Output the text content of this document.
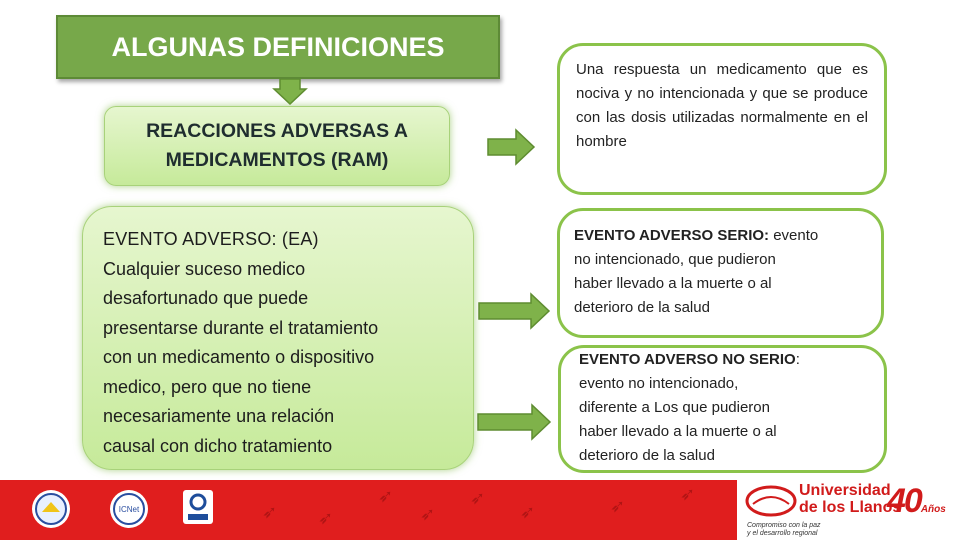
ALGUNAS DEFINICIONES
REACCIONES ADVERSAS A
MEDICAMENTOS (RAM)
Una respuesta un medicamento que es nociva y no intencionada y que se produce con las dosis utilizadas normalmente en el hombre
EVENTO ADVERSO: (EA)
Cualquier suceso medico
desafortunado que puede
presentarse durante el tratamiento
con un medicamento o dispositivo
medico, pero que no tiene
necesariamente una relación
causal con dicho tratamiento
EVENTO ADVERSO SERIO: evento
no intencionado, que pudieron
haber llevado a la muerte o al
deterioro de la salud
EVENTO ADVERSO NO SERIO:
evento no intencionado,
diferente a Los que pudieron
haber llevado a la muerte o al
deterioro de la salud
ICNet	➶ ➶
➶
➶
➶
➶	➶
➶	Universidad
de los Llanos
Compromiso con la paz
y el desarrollo regional
40Años
